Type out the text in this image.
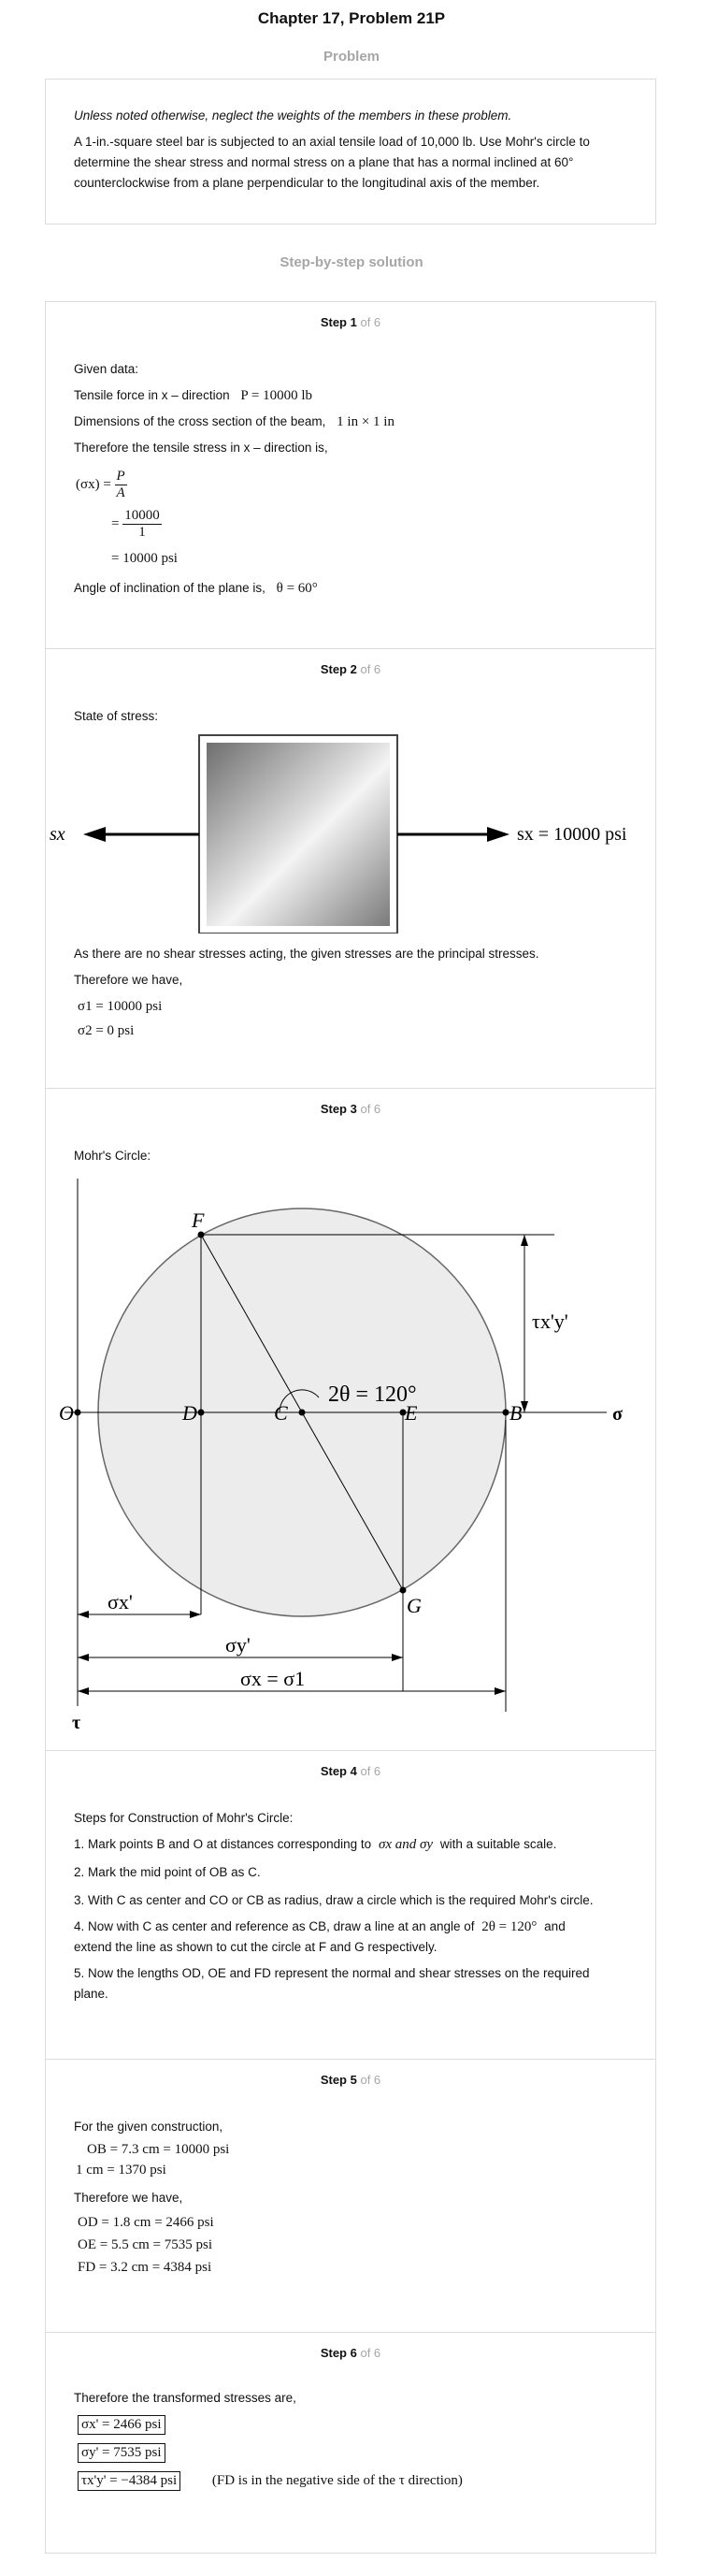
Chapter 17, Problem 21P
Problem

Unless noted otherwise, neglect the weights of the members in these problem.

A 1-in.-square steel bar is subjected to an axial tensile load of 10,000 lb. Use Mohr's circle to

determine the shear stress and normal stress on a plane that has a normal inclined at 60°

counterclockwise from a plane perpendicular to the longitudinal axis of the member.

Step-by-step solution
Step 1 of 6
Given data:
Tensile force in x – direction P = 10000 lb
Dimensions of the cross section of the beam, 1 in × 1 in
Therefore the tensile stress in x – direction is,
$(\sigma x) = \frac{P}{A}$
= $\frac{10000}{1}$
= 10000 psi
Angle of inclination of the plane is, θ = 60°
Step 2 of 6
State of stress:
sx	sx = 10000 psi
As there are no shear stresses acting, the given stresses are the principal stresses.
Therefore we have,
σ1 = 10000 psi
σ2 = 0 psi
Step 3 of 6
Mohr's Circle:
O	D	C	E	B
F
G
2θ = 120°
τx'y'
σ
τ
σx'
σy'
σx = σ1
Step 4 of 6
Steps for Construction of Mohr's Circle:
1. Mark points B and O at distances corresponding to σx and σy with a suitable scale.
2. Mark the mid point of OB as C.
3. With C as center and CO or CB as radius, draw a circle which is the required Mohr's circle.
4. Now with C as center and reference as CB, draw a line at an angle of 2θ = 120° and
extend the line as shown to cut the circle at F and G respectively.
5. Now the lengths OD, OE and FD represent the normal and shear stresses on the required
plane.
Step 5 of 6
For the given construction,
OB = 7.3 cm = 10000 psi
1 cm = 1370 psi
Therefore we have,
OD = 1.8 cm = 2466 psi
OE = 5.5 cm = 7535 psi
FD = 3.2 cm = 4384 psi
Step 6 of 6
Therefore the transformed stresses are,
σx' = 2466 psi
σy' = 7535 psi
τx'y' = −4384 psi	(FD is in the negative side of the τ direction)
